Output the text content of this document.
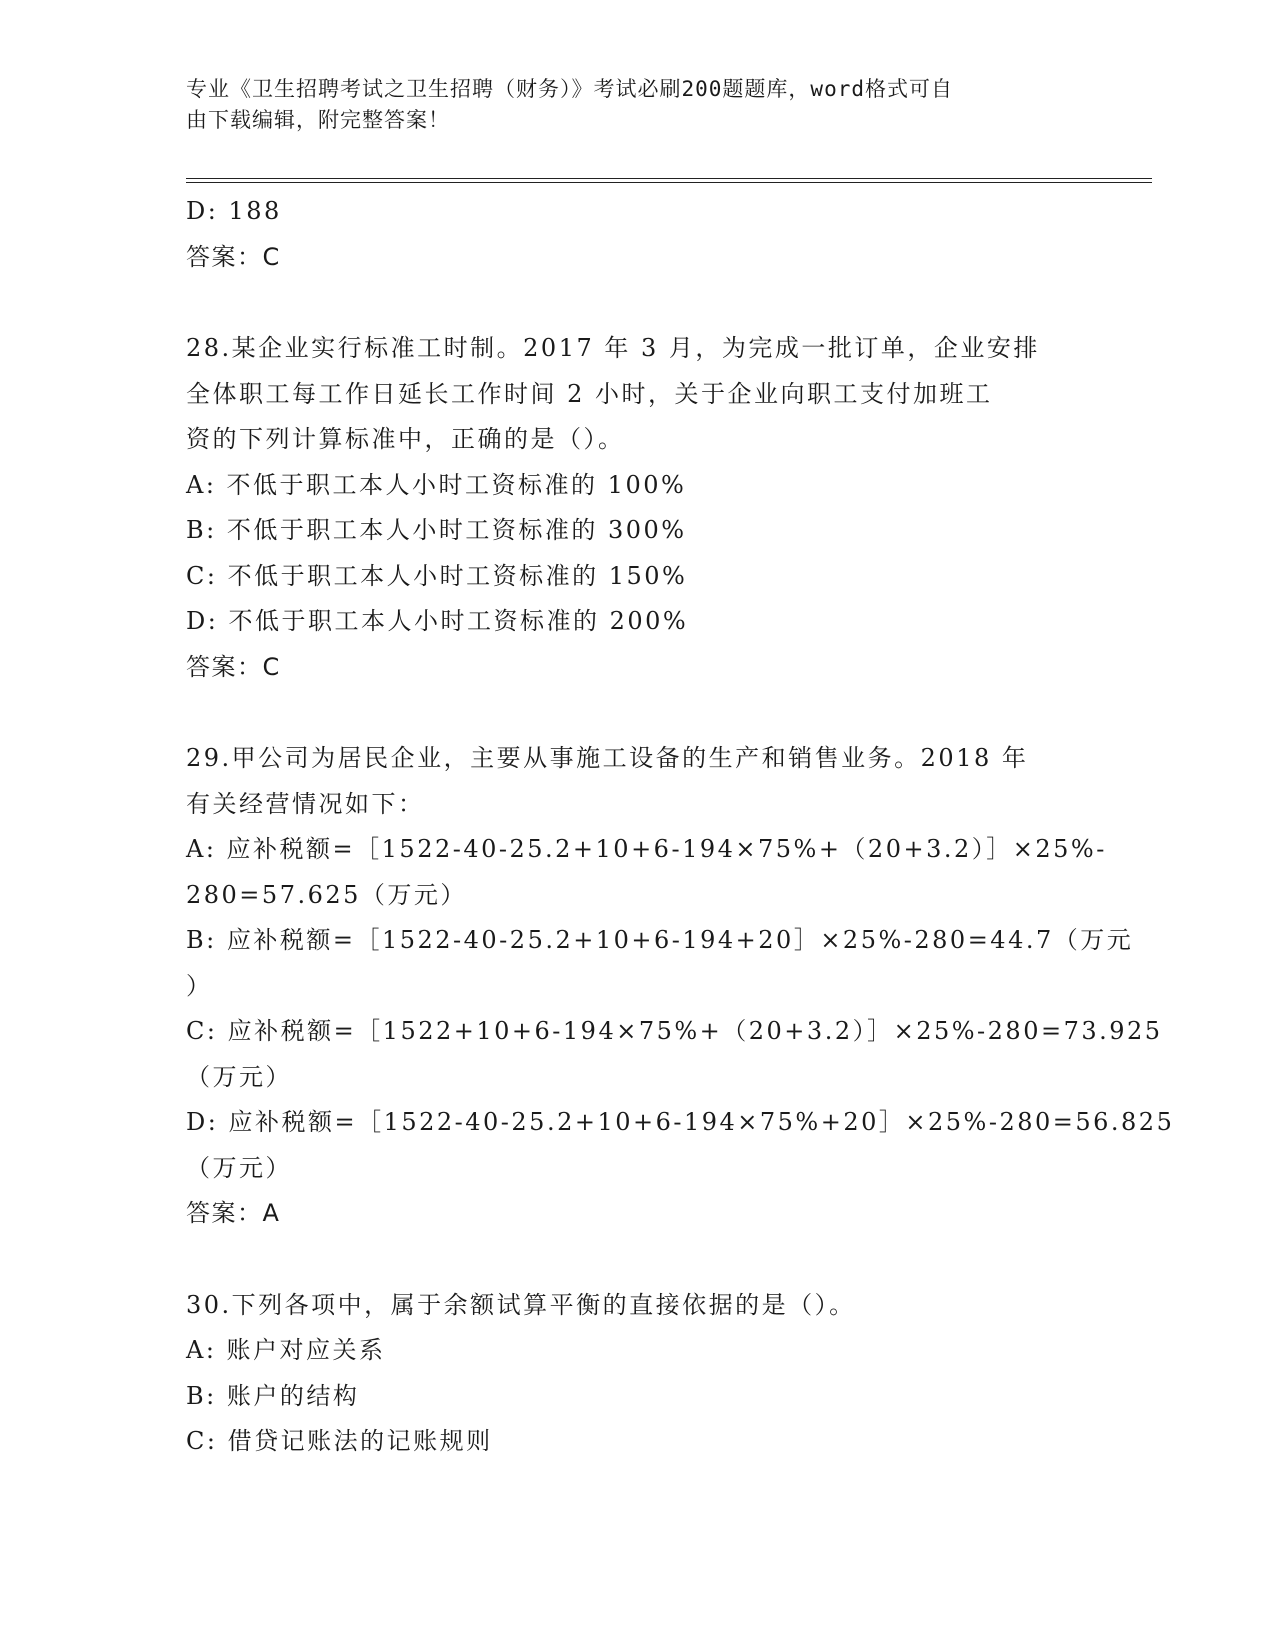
专业《卫生招聘考试之卫生招聘（财务）》考试必刷200题题库，word格式可自
由下载编辑，附完整答案！
D: 188
答案：C
28.某企业实行标准工时制。2017 年 3 月，为完成一批订单，企业安排
全体职工每工作日延长工作时间 2 小时，关于企业向职工支付加班工
资的下列计算标准中，正确的是（）。
A: 不低于职工本人小时工资标准的 100%
B: 不低于职工本人小时工资标准的 300%
C: 不低于职工本人小时工资标准的 150%
D: 不低于职工本人小时工资标准的 200%
答案：C
29.甲公司为居民企业，主要从事施工设备的生产和销售业务。2018 年
有关经营情况如下：
A: 应补税额=［1522-40-25.2+10+6-194×75%+（20+3.2）］×25%-
280=57.625（万元）
B: 应补税额=［1522-40-25.2+10+6-194+20］×25%-280=44.7（万元
）
C: 应补税额=［1522+10+6-194×75%+（20+3.2）］×25%-280=73.925
（万元）
D: 应补税额=［1522-40-25.2+10+6-194×75%+20］×25%-280=56.825
（万元）
答案：A
30.下列各项中，属于余额试算平衡的直接依据的是（）。
A: 账户对应关系
B: 账户的结构
C: 借贷记账法的记账规则
